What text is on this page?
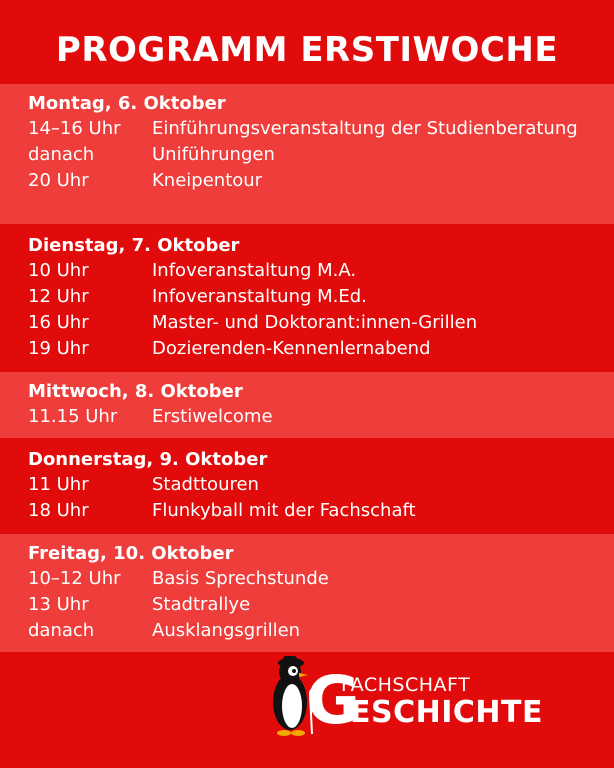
PROGRAMM ERSTIWOCHE
Montag, 6. Oktober
14–16 Uhr	Einführungsveranstaltung der Studienberatung
danach	Uniführungen
20 Uhr	Kneipentour
Dienstag, 7. Oktober
10 Uhr	Infoveranstaltung M.A.
12 Uhr	Infoveranstaltung M.Ed.
16 Uhr	Master- und Doktorant:innen-Grillen
19 Uhr	Dozierenden-Kennenlernabend
Mittwoch, 8. Oktober
11.15 Uhr	Erstiwelcome
Donnerstag, 9. Oktober
11 Uhr	Stadttouren
18 Uhr	Flunkyball mit der Fachschaft
Freitag, 10. Oktober
10–12 Uhr	Basis Sprechstunde
13 Uhr	Stadtrallye
danach	Ausklangsgrillen
FACHSCHAFT
G
ESCHICHTE
